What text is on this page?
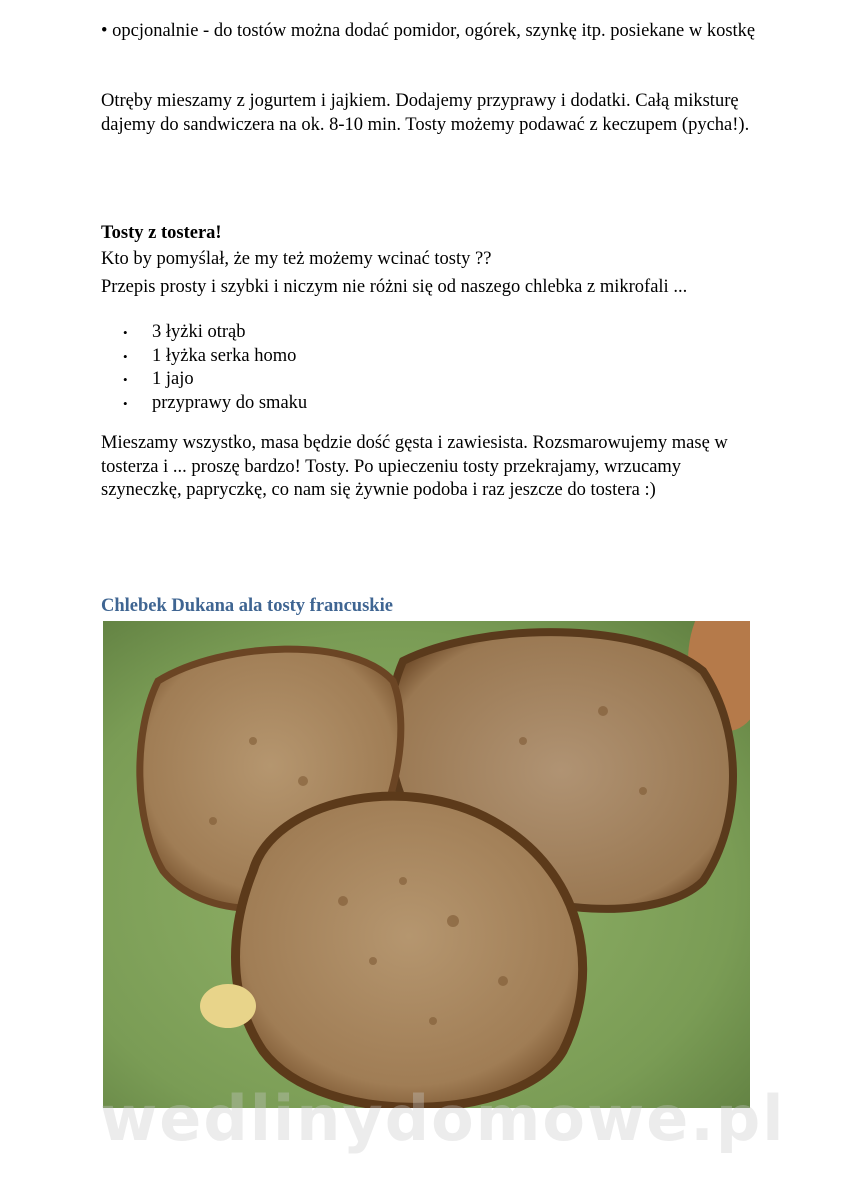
• opcjonalnie - do tostów można dodać pomidor, ogórek, szynkę itp. posiekane w kostkę

Otręby mieszamy z jogurtem i jajkiem. Dodajemy przyprawy i dodatki. Całą miksturę dajemy do sandwiczera na ok. 8-10 min. Tosty możemy podawać z keczupem (pycha!).

Tosty z tostera!

Kto by pomyślał, że my też możemy wcinać tosty ??

Przepis prosty i szybki i niczym nie różni się od naszego chlebka z mikrofali ...

• 3 łyżki otrąb
• 1 łyżka serka homo
• 1 jajo
• przyprawy do smaku

Mieszamy wszystko, masa będzie dość gęsta i zawiesista. Rozsmarowujemy masę w tosterza i ... proszę bardzo! Tosty. Po upieczeniu tosty przekrajamy, wrzucamy szyneczkę, papryczkę, co nam się żywnie podoba i raz jeszcze do tostera :)

Chlebek Dukana ala tosty francuskie

wedlinydomowe.pl
